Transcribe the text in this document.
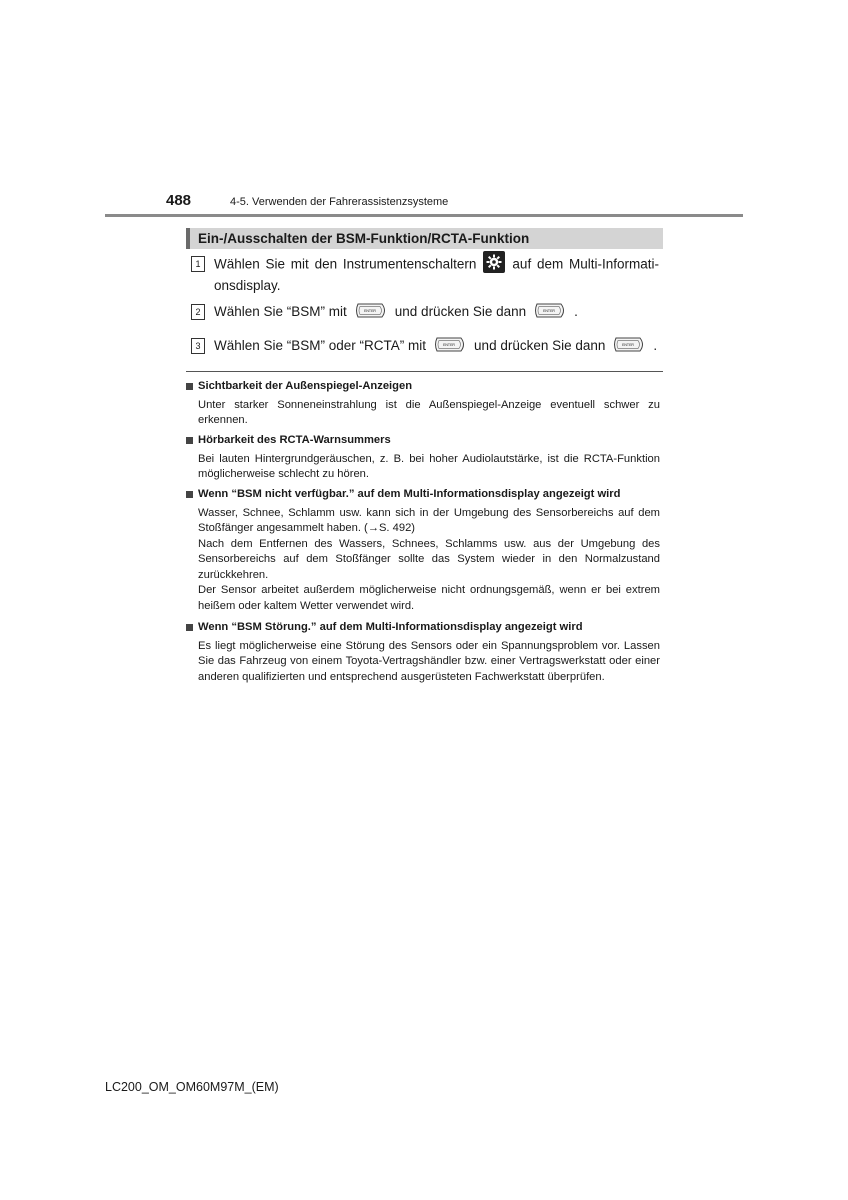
488	4-5. Verwenden der Fahrerassistenzsysteme
Ein-/Ausschalten der BSM-Funktion/RCTA-Funktion
1	Wählen Sie mit den Instrumentenschaltern	auf dem Multi-Informationsdisplay.
2	Wählen Sie “BSM” mit	ENTER und drücken Sie dann	ENTER .
3	Wählen Sie “BSM” oder “RCTA” mit	ENTER und drücken Sie dann	ENTER .
Sichtbarkeit der Außenspiegel-Anzeigen

Unter starker Sonneneinstrahlung ist die Außenspiegel-Anzeige eventuell schwer zu erkennen.

Hörbarkeit des RCTA-Warnsummers

Bei lauten Hintergrundgeräuschen, z. B. bei hoher Audiolautstärke, ist die RCTA-Funktion möglicherweise schlecht zu hören.

Wenn “BSM nicht verfügbar.” auf dem Multi-Informationsdisplay angezeigt wird

Wasser, Schnee, Schlamm usw. kann sich in der Umgebung des Sensorbereichs auf dem Stoßfänger angesammelt haben. (→S. 492)

Nach dem Entfernen des Wassers, Schnees, Schlamms usw. aus der Umgebung des Sensorbereichs auf dem Stoßfänger sollte das System wieder in den Normalzustand zurückkehren.

Der Sensor arbeitet außerdem möglicherweise nicht ordnungsgemäß, wenn er bei extrem heißem oder kaltem Wetter verwendet wird.

Wenn “BSM Störung.” auf dem Multi-Informationsdisplay angezeigt wird

Es liegt möglicherweise eine Störung des Sensors oder ein Spannungsproblem vor. Lassen Sie das Fahrzeug von einem Toyota-Vertragshändler bzw. einer Vertragswerkstatt oder einer anderen qualifizierten und entsprechend ausgerüsteten Fachwerkstatt überprüfen.

LC200_OM_OM60M97M_(EM)
